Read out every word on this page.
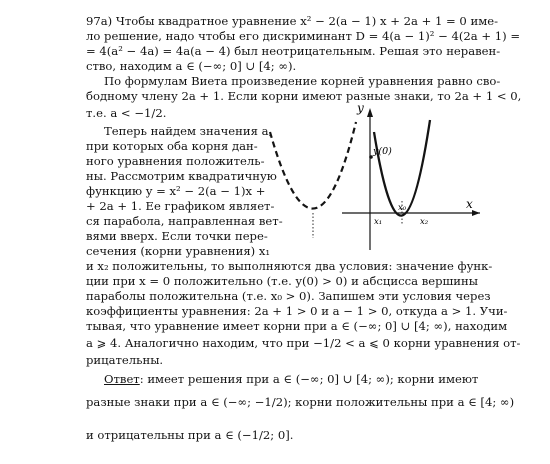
97а) Чтобы квадратное уравнение x² − 2(a − 1) x + 2a + 1 = 0 име-
ло решение, надо чтобы его дискриминант D = 4(a − 1)² − 4(2a + 1) =
= 4(a² − 4a) = 4a(a − 4) был неотрицательным. Решая это неравен-
ство, находим a ∈ (−∞; 0] ∪ [4; ∞).
По формулам Виета произведение корней уравнения равно сво-
бодному члену 2a + 1. Если корни имеют разные знаки, то 2a + 1 < 0,
т.е. a < −1/2.
Теперь найдем значения a,
при которых оба корня дан-
ного уравнения положитель-
ны. Рассмотрим квадратичную
функцию y = x² − 2(a − 1)x +
+ 2a + 1. Ее графиком являет-
ся парабола, направленная вет-
вями вверх. Если точки пере-
сечения (корни уравнения) x₁
y
x
y(0)
x₀
x₁	x₂
и x₂ положительны, то выполняются два условия: значение функ-
ции при x = 0 положительно (т.е. y(0) > 0) и абсцисса вершины
параболы положительна (т.е. x₀ > 0). Запишем эти условия через
коэффициенты уравнения: 2a + 1 > 0 и a − 1 > 0, откуда a > 1. Учи-
тывая, что уравнение имеет корни при a ∈ (−∞; 0] ∪ [4; ∞), находим
a ⩾ 4. Аналогично находим, что при −1/2 < a ⩽ 0 корни уравнения от-
рицательны.
Ответ: имеет решения при a ∈ (−∞; 0] ∪ [4; ∞); корни имеют
разные знаки при a ∈ (−∞; −1/2); корни положительны при a ∈ [4; ∞)
и отрицательны при a ∈ (−1/2; 0].
